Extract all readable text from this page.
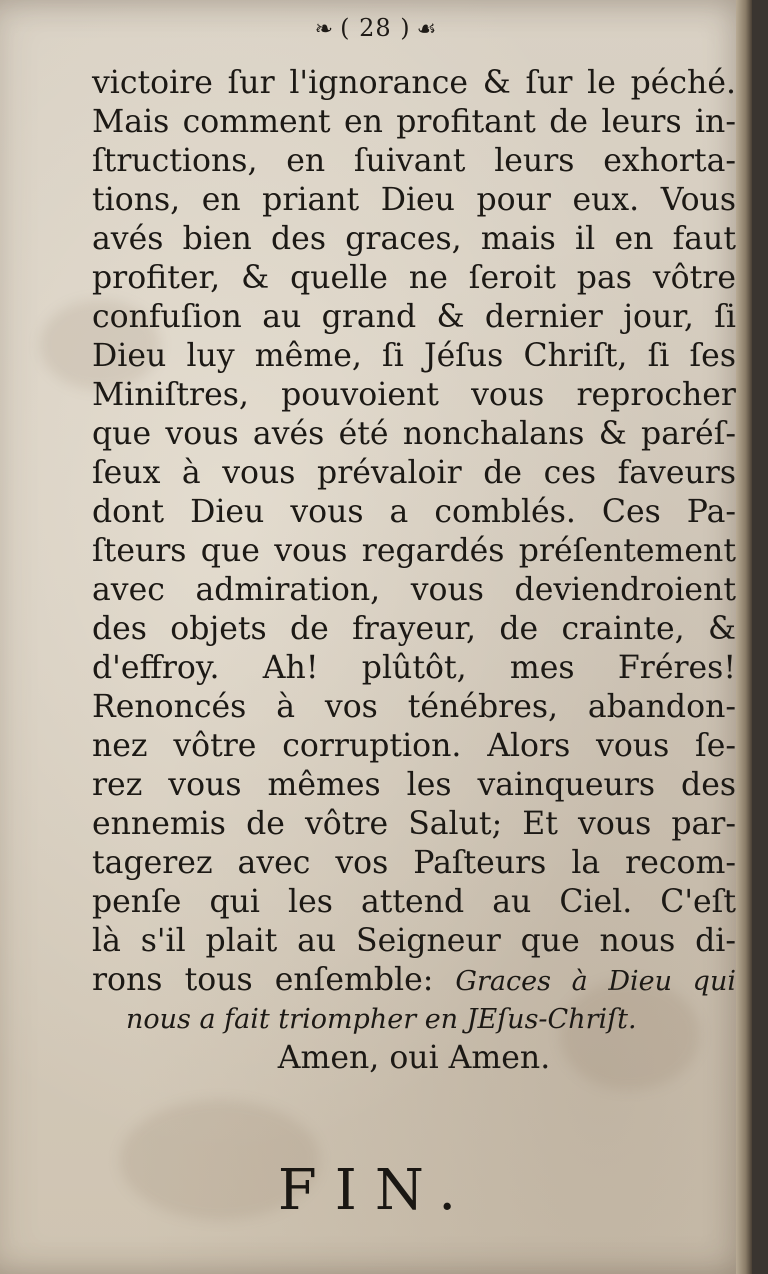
❧ ( 28 ) ☙
victoire ſur l'ignorance & ſur le péché.
Mais comment en profitant de leurs in-
ſtructions, en ſuivant leurs exhorta-
tions, en priant Dieu pour eux. Vous
avés bien des graces, mais il en faut
profiter, & quelle ne ſeroit pas vôtre
confuſion au grand & dernier jour, ſi
Dieu luy même, ſi Jéſus Chriſt, ſi ſes
Miniſtres, pouvoient vous reprocher
que vous avés été nonchalans & paréſ-
ſeux à vous prévaloir de ces faveurs
dont Dieu vous a comblés. Ces Pa-
ſteurs que vous regardés préſentement
avec admiration, vous deviendroient
des objets de frayeur, de crainte, &
d'effroy. Ah! plûtôt, mes Fréres!
Renoncés à vos ténébres, abandon-
nez vôtre corruption. Alors vous ſe-
rez vous mêmes les vainqueurs des
ennemis de vôtre Salut; Et vous par-
tagerez avec vos Paſteurs la recom-
penſe qui les attend au Ciel. C'eſt
là s'il plait au Seigneur que nous di-
rons tous enſemble: Graces à Dieu qui
nous a fait triompher en JEſus-Chriſt.
Amen, oui Amen.
FIN.
